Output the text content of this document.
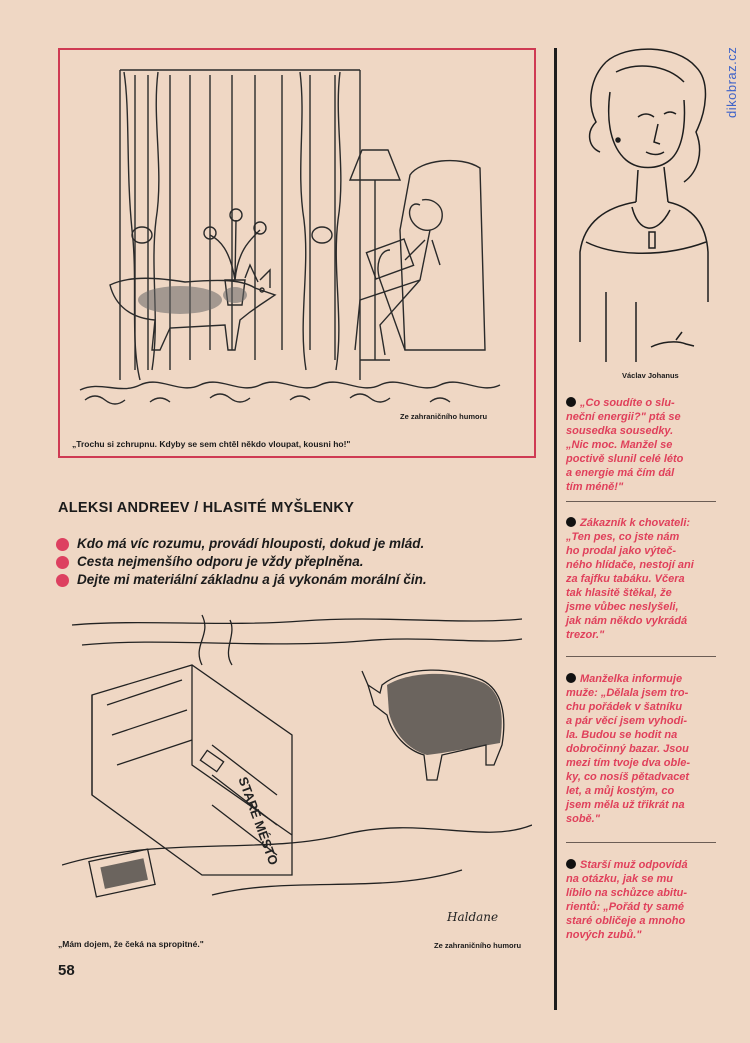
dikobraz.cz
Ze zahraničního humoru
„Trochu si zchrupnu. Kdyby se sem chtěl někdo vloupat, kousni ho!"
Václav Johanus
ALEKSI ANDREEV / HLASITÉ MYŠLENKY
Kdo má víc rozumu, provádí hlouposti, dokud je mlád.
Cesta nejmenšího odporu je vždy přeplněna.
Dejte mi materiální základnu a já vykonám morální čin.
STARE MÉSTO
Haldane
„Mám dojem, že čeká na spropitné."	Ze zahraničního humoru
„Co soudíte o slu-
neční energii?" ptá se
sousedka sousedky.
„Nic moc. Manžel se
poctivě slunil celé léto
a energie má čím dál
tím méně!"
Zákazník k chovateli:
„Ten pes, co jste nám
ho prodal jako výteč-
ného hlídače, nestojí ani
za fajfku tabáku. Včera
tak hlasitě štěkal, že
jsme vůbec neslyšeli,
jak nám někdo vykrádá
trezor."
Manželka informuje
muže: „Dělala jsem tro-
chu pořádek v šatníku
a pár věcí jsem vyhodi-
la. Budou se hodit na
dobročinný bazar. Jsou
mezi tím tvoje dva oble-
ky, co nosíš pětadvacet
let, a můj kostým, co
jsem měla už třikrát na
sobě."
Starší muž odpovídá
na otázku, jak se mu
líbilo na schůzce abitu-
rientů: „Pořád ty samé
staré obličeje a mnoho
nových zubů."
58
